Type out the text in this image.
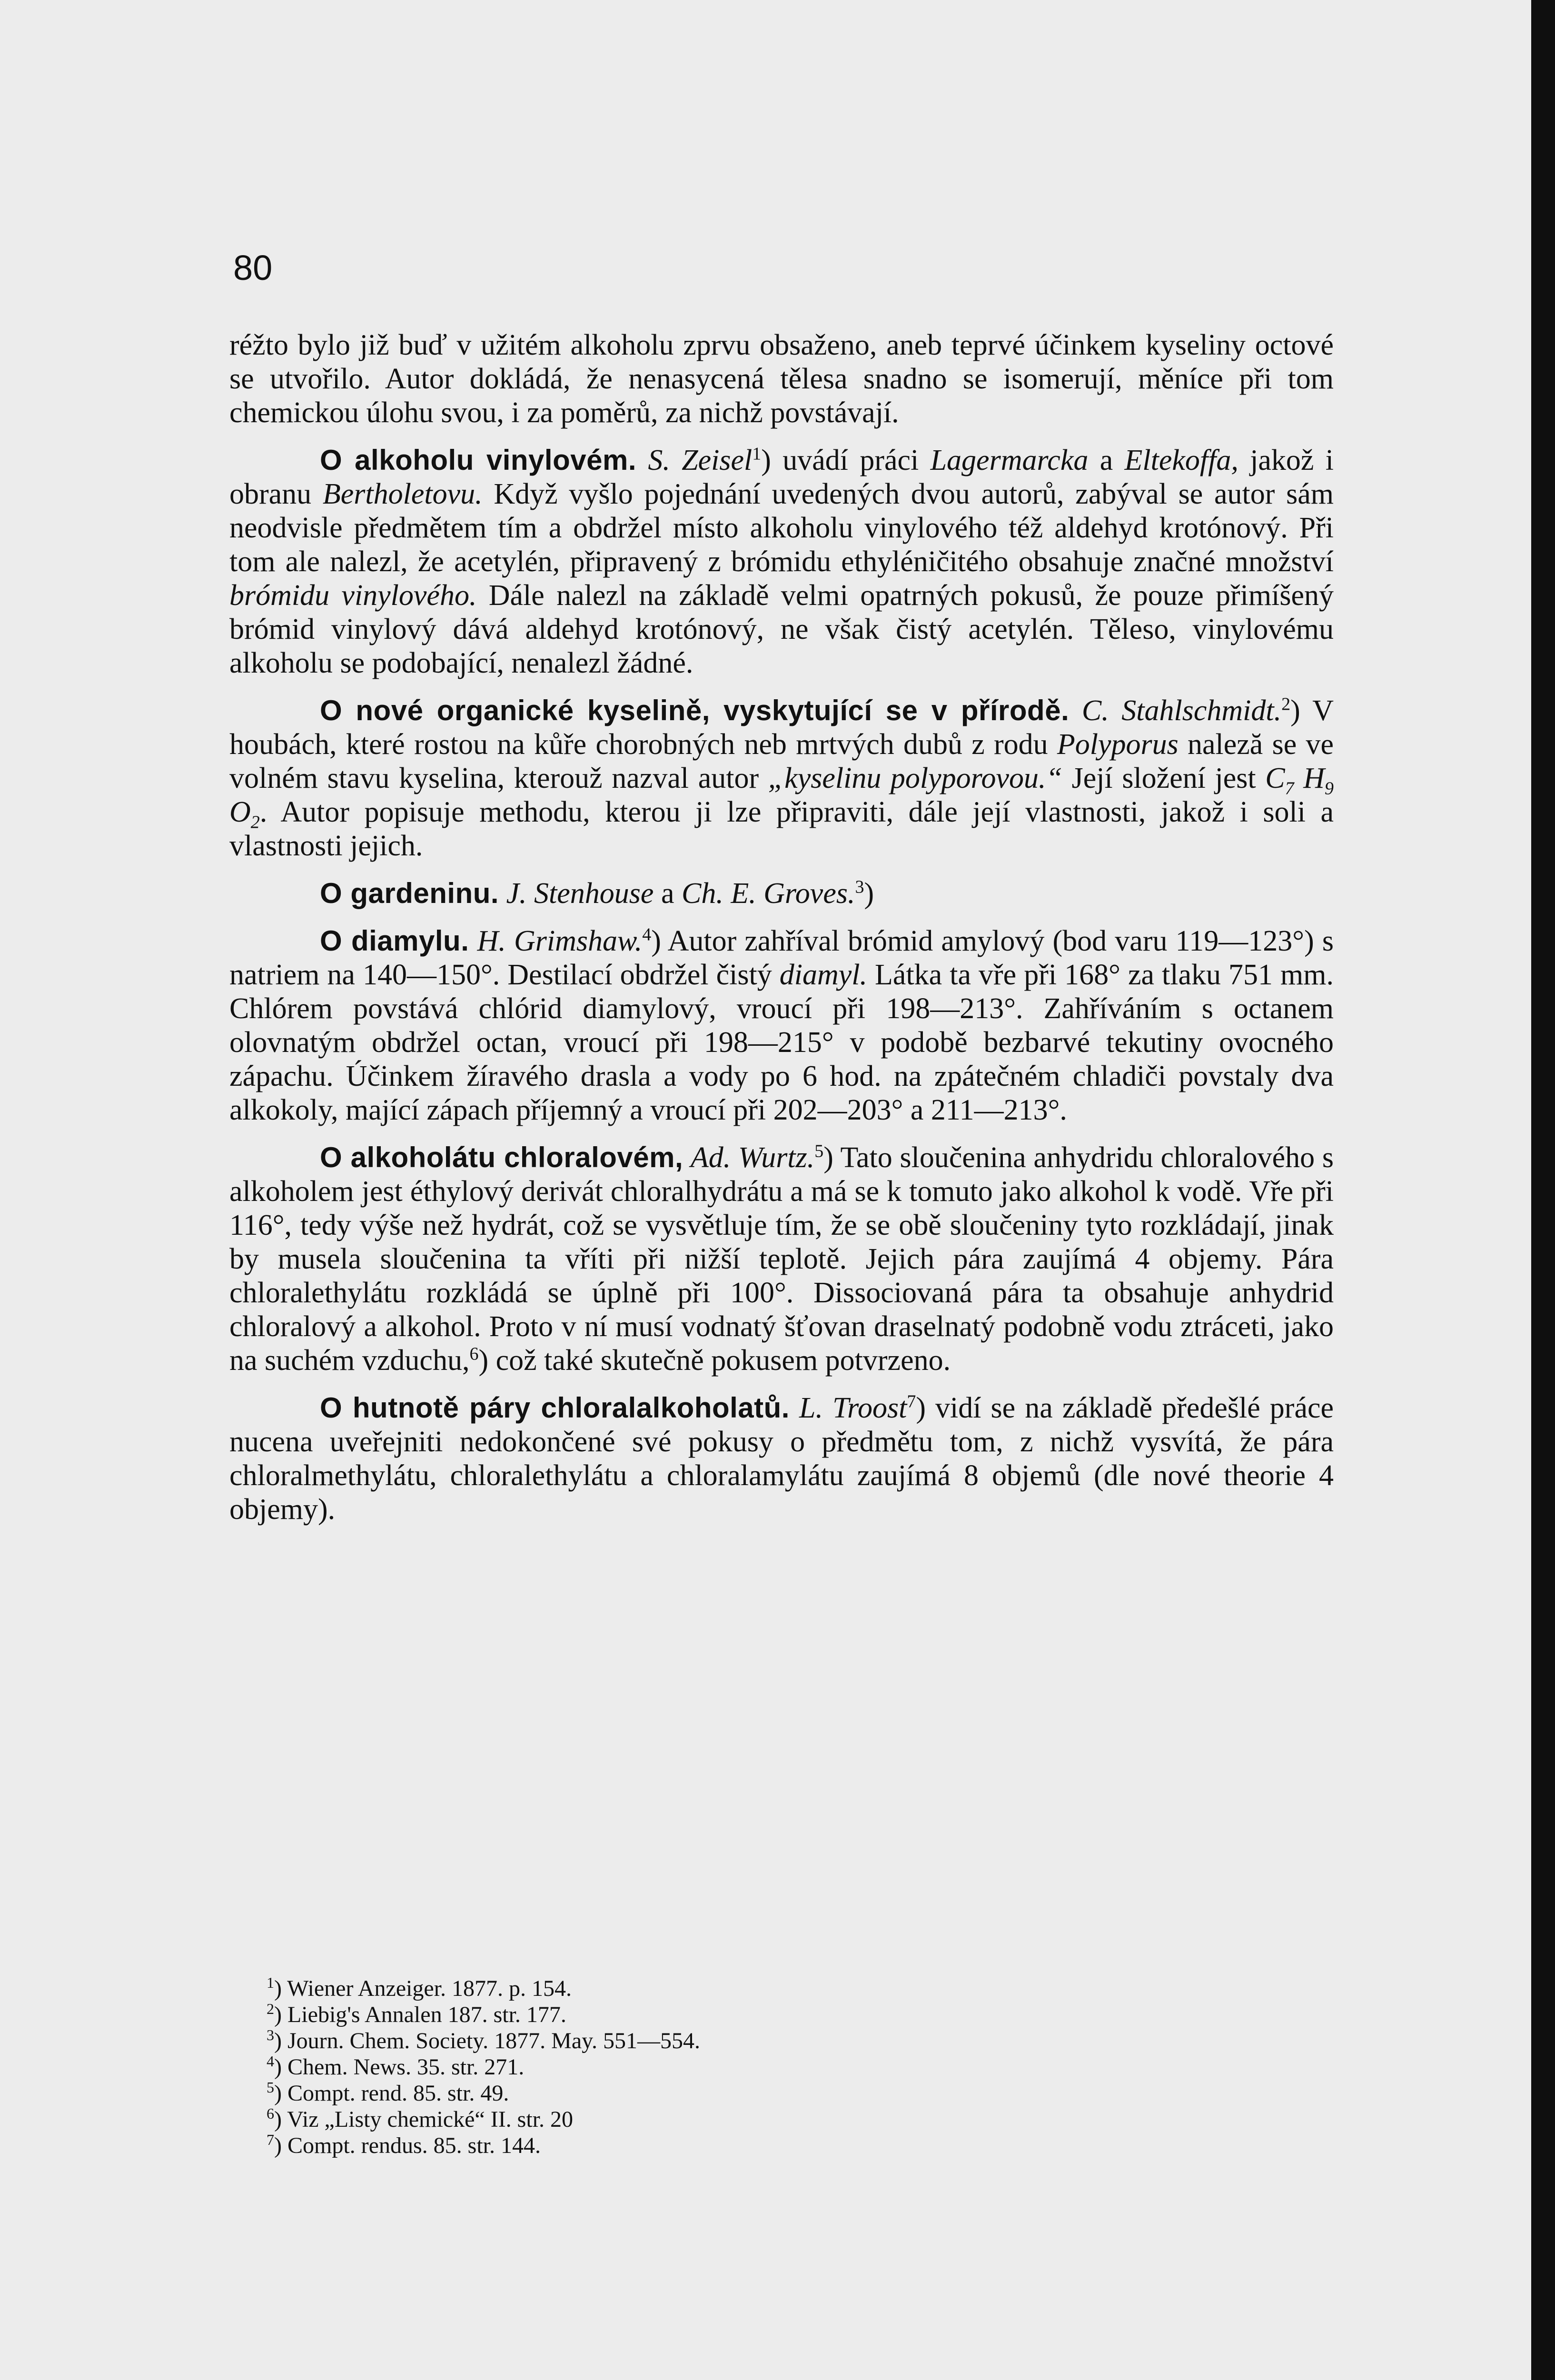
80

réžto bylo již buď v užitém alkoholu zprvu obsaženo, aneb teprvé účinkem kyseliny octové se utvořilo. Autor dokládá, že nenasycená tělesa snadno se isomerují, měníce při tom chemickou úlohu svou, i za poměrů, za nichž povstávají.

O alkoholu vinylovém. S. Zeisel$^1$) uvádí práci Lagermarcka a Eltekoffa, jakož i obranu Bertholetovu. Když vyšlo pojednání uvedených dvou autorů, zabýval se autor sám neodvisle předmětem tím a obdržel místo alkoholu vinylového též aldehyd krotónový. Při tom ale nalezl, že acetylén, připravený z brómidu ethyléničitého obsahuje značné množství brómidu vinylového. Dále nalezl na základě velmi opatrných pokusů, že pouze přimíšený brómid vinylový dává aldehyd krotónový, ne však čistý acetylén. Těleso, vinylovému alkoholu se podobající, nenalezl žádné.

O nové organické kyselině, vyskytující se v přírodě. C. Stahlschmidt.$^2$) V houbách, které rostou na kůře chorobných neb mrtvých dubů z rodu Polyporus naleză se ve volném stavu kyselina, kterouž nazval autor „kyselinu polyporovou.“ Její složení jest $C_7$ $H_9$ $O_2$. Autor popisuje methodu, kterou ji lze připraviti, dále její vlastnosti, jakož i soli a vlastnosti jejich.

O gardeninu. J. Stenhouse a Ch. E. Groves.$^3$)

O diamylu. H. Grimshaw.$^4$) Autor zahříval brómid amylový (bod varu 119—123°) s natriem na 140—150°. Destilací obdržel čistý diamyl. Látka ta vře při 168° za tlaku 751 mm. Chlórem povstává chlórid diamylový, vroucí při 198—213°. Zahříváním s octanem olovnatým obdržel octan, vroucí při 198—215° v podobě bezbarvé tekutiny ovocného zápachu. Účinkem žíravého drasla a vody po 6 hod. na zpátečném chladiči povstaly dva alkokoly, mající zápach příjemný a vroucí při 202—203° a 211—213°.

O alkoholátu chloralovém, Ad. Wurtz.$^5$) Tato sloučenina anhydridu chloralového s alkoholem jest éthylový derivát chloralhydrátu a má se k tomuto jako alkohol k vodě. Vře při 116°, tedy výše než hydrát, což se vysvětluje tím, že se obě sloučeniny tyto rozkládají, jinak by musela sloučenina ta vříti při nižší teplotě. Jejich pára zaujímá 4 objemy. Pára chloralethylátu rozkládá se úplně při 100°. Dissociovaná pára ta obsahuje anhydrid chloralový a alkohol. Proto v ní musí vodnatý šťovan draselnatý podobně vodu ztráceti, jako na suchém vzduchu,$^6$) což také skutečně pokusem potvrzeno.

O hutnotě páry chloralalkoholatů. L. Troost$^7$) vidí se na základě předešlé práce nucena uveřejniti nedokončené své pokusy o předmětu tom, z nichž vysvítá, že pára chloralmethylátu, chloralethylátu a chloralamylátu zaujímá 8 objemů (dle nové theorie 4 objemy).

$^1$) Wiener Anzeiger. 1877. p. 154.
$^2$) Liebig's Annalen 187. str. 177.
$^3$) Journ. Chem. Society. 1877. May. 551—554.
$^4$) Chem. News. 35. str. 271.
$^5$) Compt. rend. 85. str. 49.
$^6$) Viz „Listy chemické“ II. str. 20
$^7$) Compt. rendus. 85. str. 144.
